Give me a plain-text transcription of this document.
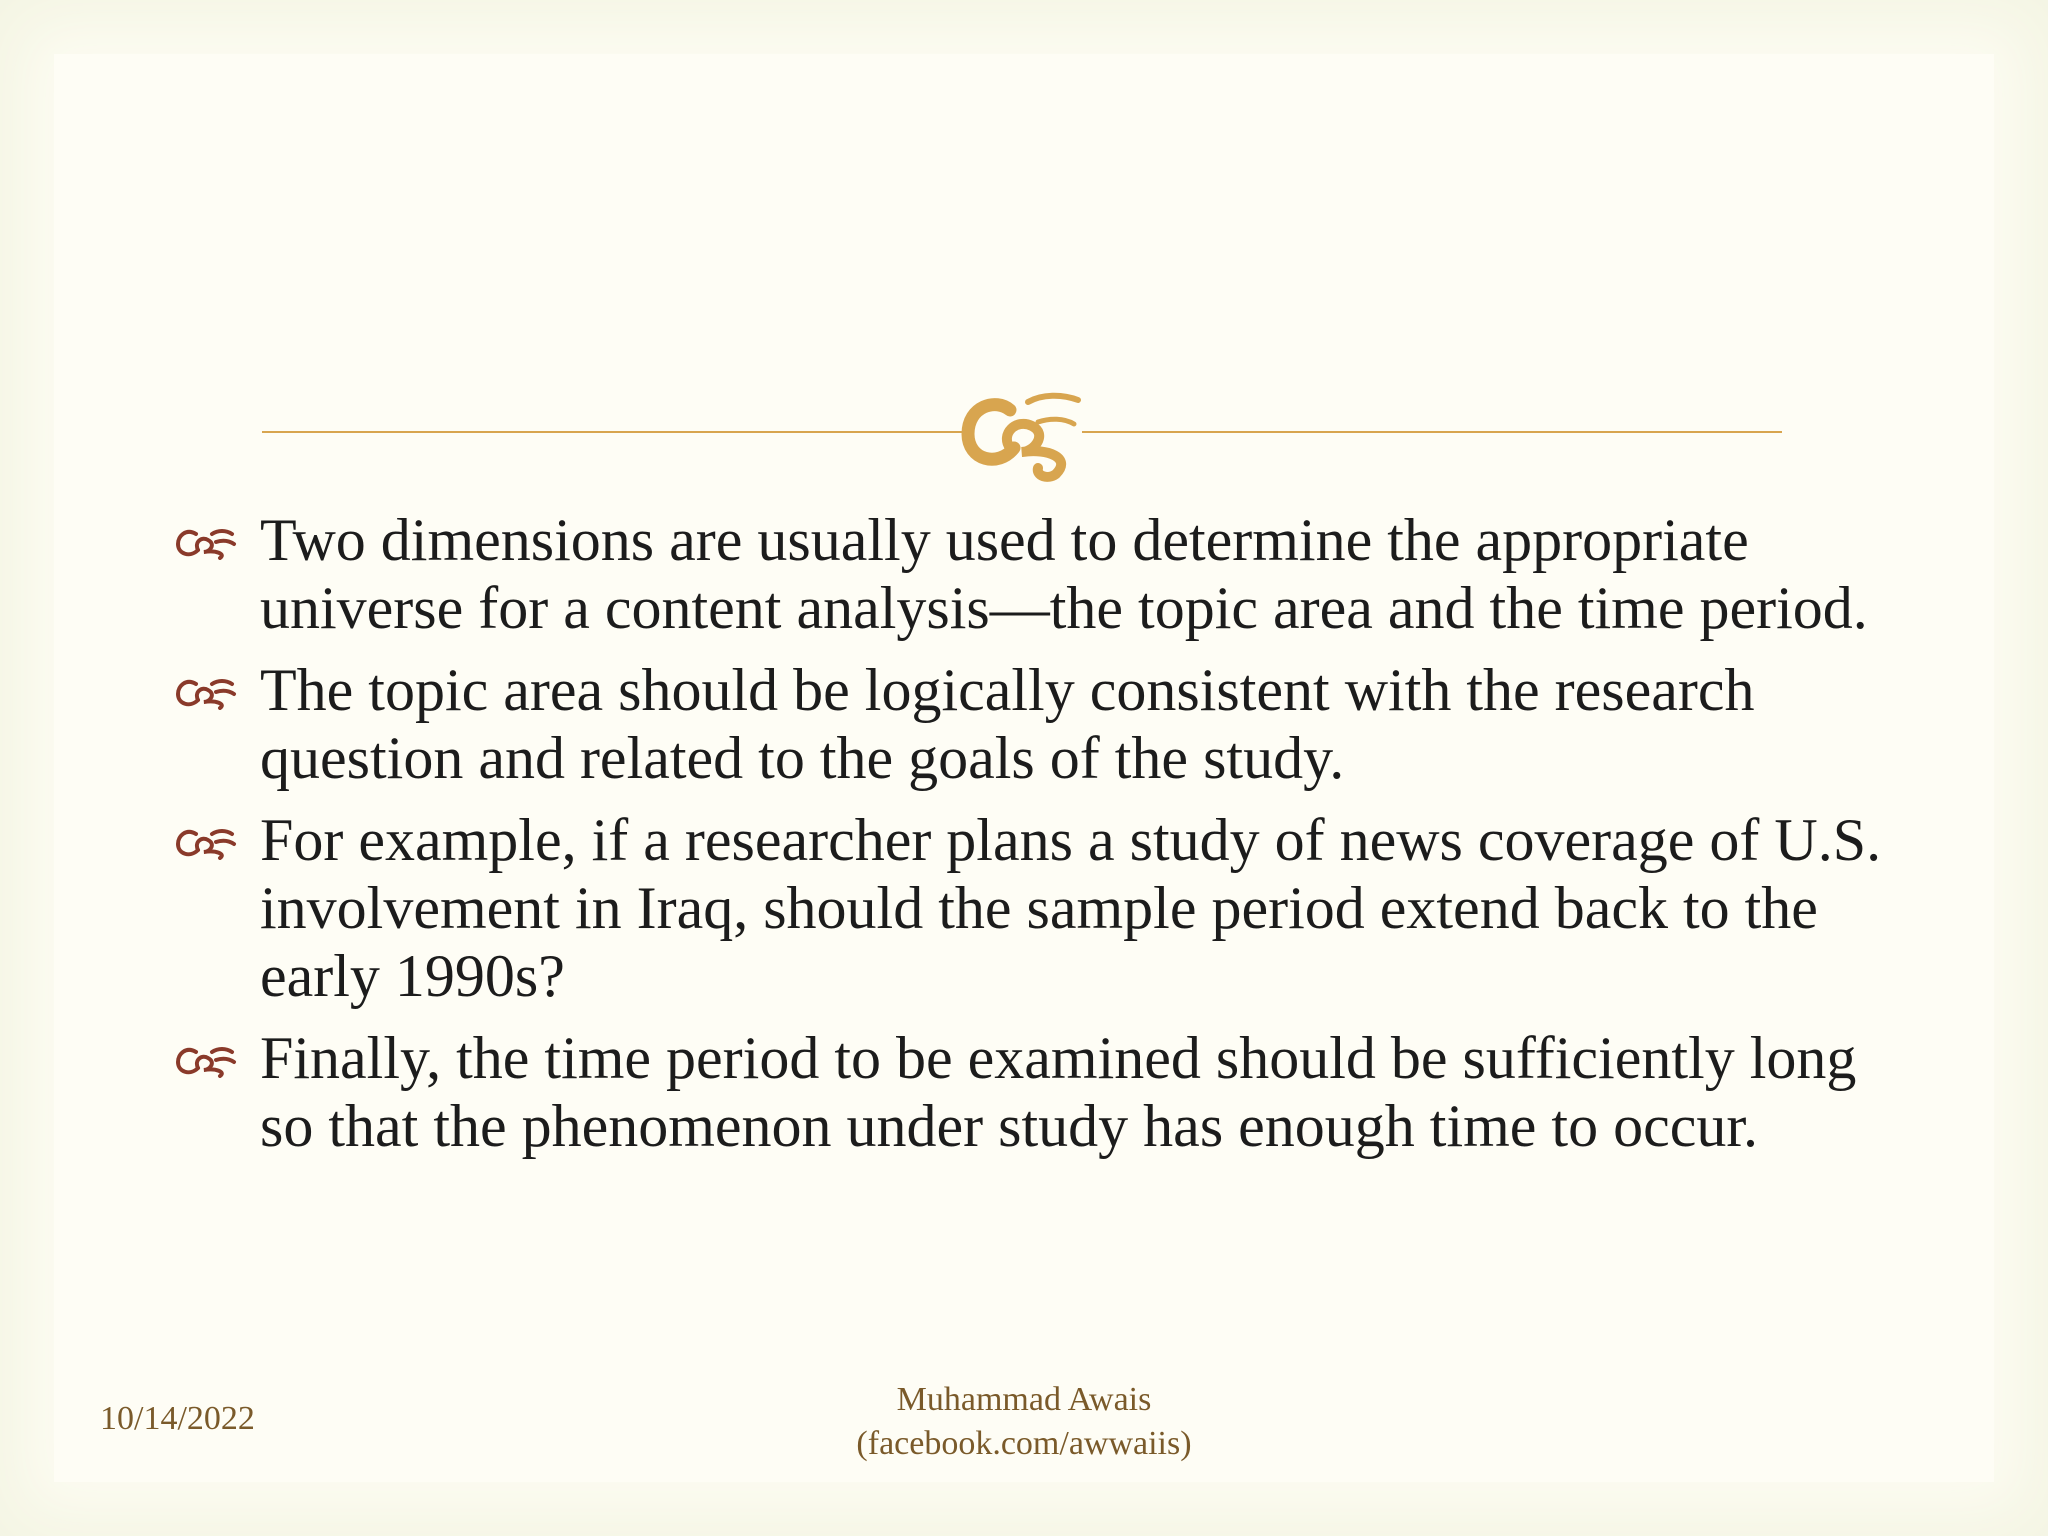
Two dimensions are usually used to determine the appropriate universe for a content analysis—the topic area and the time period.
The topic area should be logically consistent with the research question and related to the goals of the study.
For example, if a researcher plans a study of news coverage of U.S. involvement in Iraq, should the sample period extend back to the early 1990s?
Finally, the time period to be examined should be sufficiently long so that the phenomenon under study has enough time to occur.
10/14/2022
Muhammad Awais
(facebook.com/awwaiis)
